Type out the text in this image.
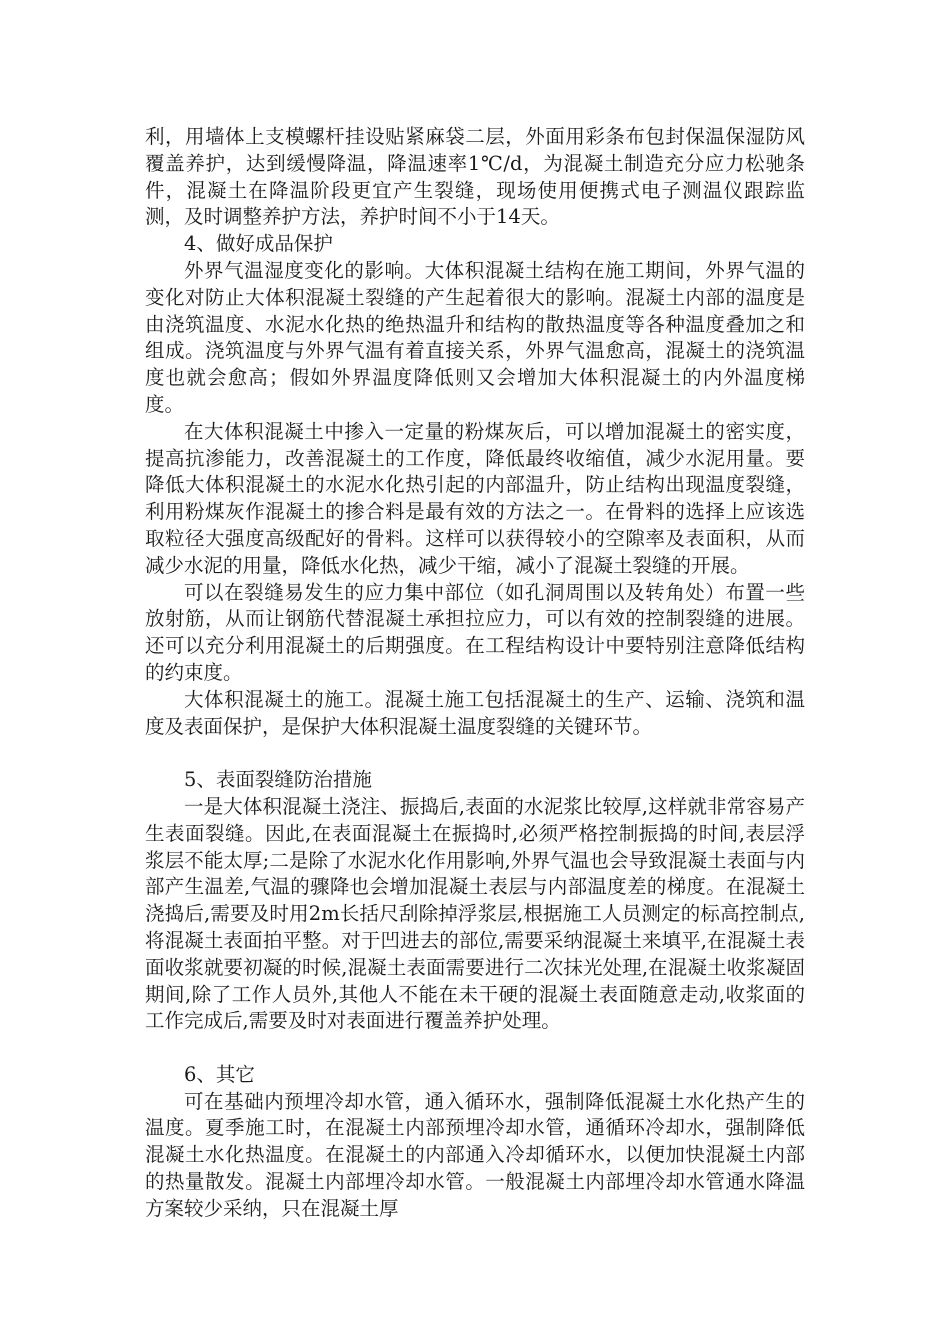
利，用墙体上支模螺杆挂设贴紧麻袋二层，外面用彩条布包封保温保湿防风覆盖养护，达到缓慢降温，降温速率1℃/d，为混凝土制造充分应力松驰条件，混凝土在降温阶段更宜产生裂缝，现场使用便携式电子测温仪跟踪监测，及时调整养护方法，养护时间不小于14天。

4、做好成品保护

外界气温湿度变化的影响。大体积混凝土结构在施工期间，外界气温的变化对防止大体积混凝土裂缝的产生起着很大的影响。混凝土内部的温度是由浇筑温度、水泥水化热的绝热温升和结构的散热温度等各种温度叠加之和组成。浇筑温度与外界气温有着直接关系，外界气温愈高，混凝土的浇筑温度也就会愈高；假如外界温度降低则又会增加大体积混凝土的内外温度梯度。

在大体积混凝土中掺入一定量的粉煤灰后，可以增加混凝土的密实度，提高抗渗能力，改善混凝土的工作度，降低最终收缩值，减少水泥用量。要降低大体积混凝土的水泥水化热引起的内部温升，防止结构出现温度裂缝，利用粉煤灰作混凝土的掺合料是最有效的方法之一。在骨料的选择上应该选取粒径大强度高级配好的骨料。这样可以获得较小的空隙率及表面积，从而减少水泥的用量，降低水化热，减少干缩，减小了混凝土裂缝的开展。

可以在裂缝易发生的应力集中部位（如孔洞周围以及转角处）布置一些放射筋，从而让钢筋代替混凝土承担拉应力，可以有效的控制裂缝的进展。还可以充分利用混凝土的后期强度。在工程结构设计中要特别注意降低结构的约束度。

大体积混凝土的施工。混凝土施工包括混凝土的生产、运输、浇筑和温度及表面保护，是保护大体积混凝土温度裂缝的关键环节。

5、表面裂缝防治措施

一是大体积混凝土浇注、振捣后,表面的水泥浆比较厚,这样就非常容易产生表面裂缝。因此,在表面混凝土在振捣时,必须严格控制振捣的时间,表层浮浆层不能太厚;二是除了水泥水化作用影响,外界气温也会导致混凝土表面与内部产生温差,气温的骤降也会增加混凝土表层与内部温度差的梯度。在混凝土浇捣后,需要及时用2m长括尺刮除掉浮浆层,根据施工人员测定的标高控制点,将混凝土表面拍平整。对于凹进去的部位,需要采纳混凝土来填平,在混凝土表面收浆就要初凝的时候,混凝土表面需要进行二次抹光处理,在混凝土收浆凝固期间,除了工作人员外,其他人不能在未干硬的混凝土表面随意走动,收浆面的工作完成后,需要及时对表面进行覆盖养护处理。

6、其它

可在基础内预埋冷却水管，通入循环水，强制降低混凝土水化热产生的温度。夏季施工时，在混凝土内部预埋冷却水管，通循环冷却水，强制降低混凝土水化热温度。在混凝土的内部通入冷却循环水，以便加快混凝土内部的热量散发。混凝土内部埋冷却水管。一般混凝土内部埋冷却水管通水降温方案较少采纳，只在混凝土厚
